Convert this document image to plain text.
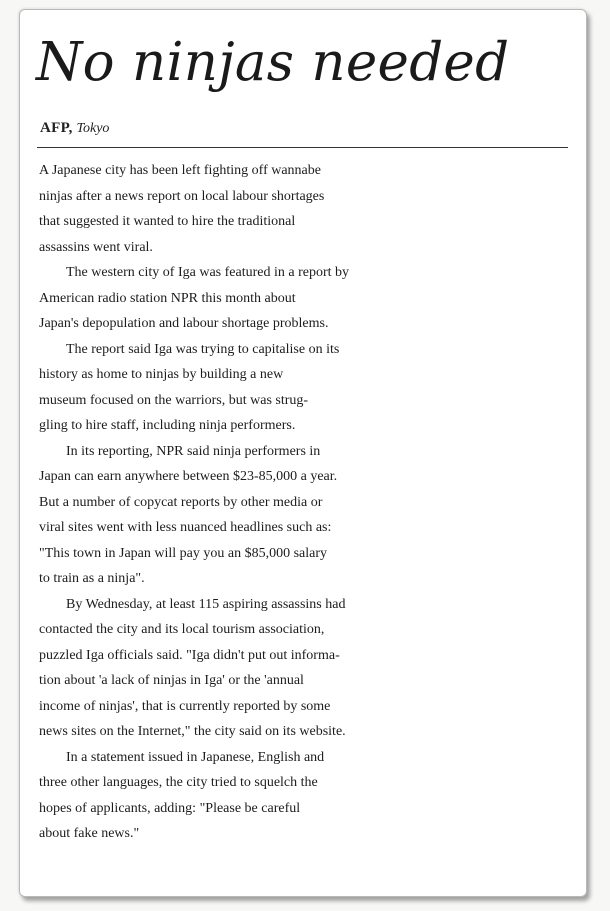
No ninjas needed
AFP, Tokyo
A Japanese city has been left fighting off wannabe
ninjas after a news report on local labour shortages
that suggested it wanted to hire the traditional
assassins went viral.
The western city of Iga was featured in a report by
American radio station NPR this month about
Japan's depopulation and labour shortage problems.
The report said Iga was trying to capitalise on its
history as home to ninjas by building a new
museum focused on the warriors, but was strug-
gling to hire staff, including ninja performers.
In its reporting, NPR said ninja performers in
Japan can earn anywhere between $23-85,000 a year.
But a number of copycat reports by other media or
viral sites went with less nuanced headlines such as:
"This town in Japan will pay you an $85,000 salary
to train as a ninja".
By Wednesday, at least 115 aspiring assassins had
contacted the city and its local tourism association,
puzzled Iga officials said. "Iga didn't put out informa-
tion about 'a lack of ninjas in Iga' or the 'annual
income of ninjas', that is currently reported by some
news sites on the Internet," the city said on its website.
In a statement issued in Japanese, English and
three other languages, the city tried to squelch the
hopes of applicants, adding: "Please be careful
about fake news."
